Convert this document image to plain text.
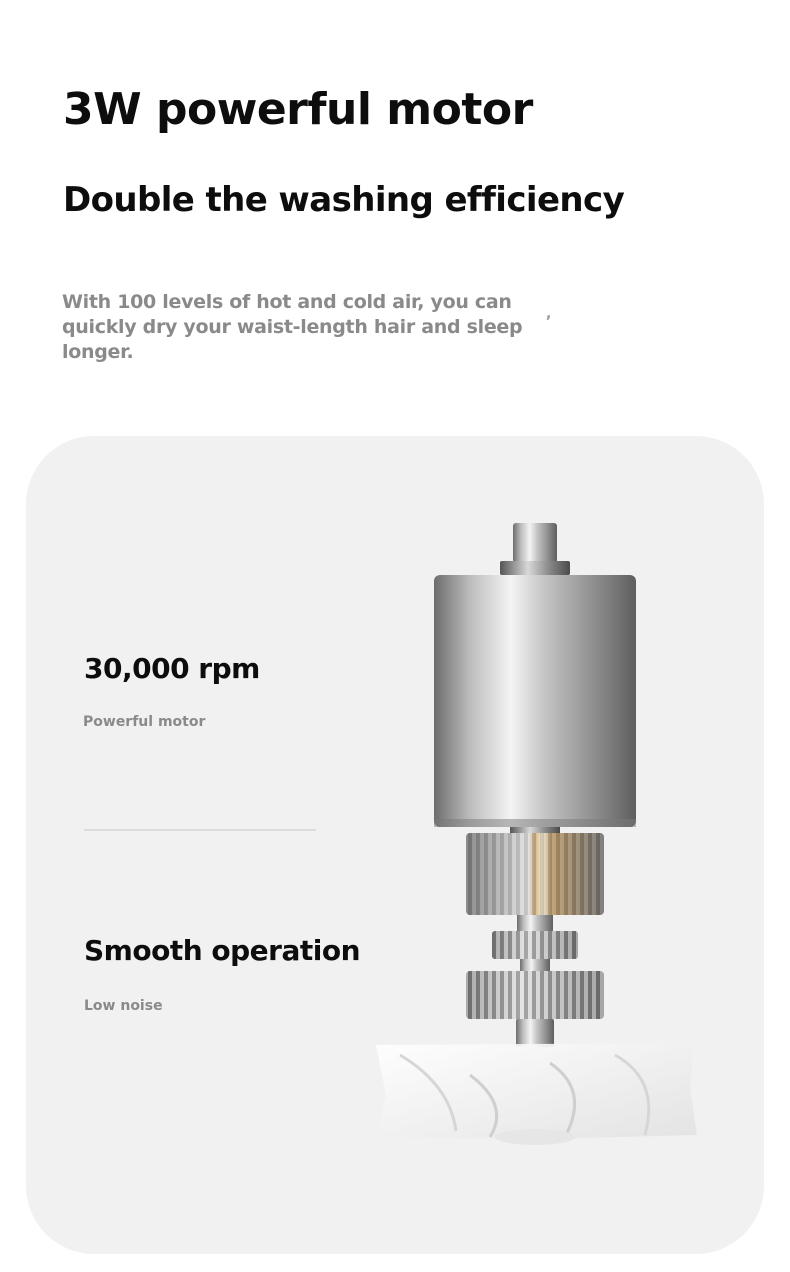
3W powerful motor
Double the washing efficiency
With 100 levels of hot and cold air, you can quickly dry your waist-length hair and sleep longer.
,
30,000 rpm
Powerful motor
Smooth operation
Low noise
